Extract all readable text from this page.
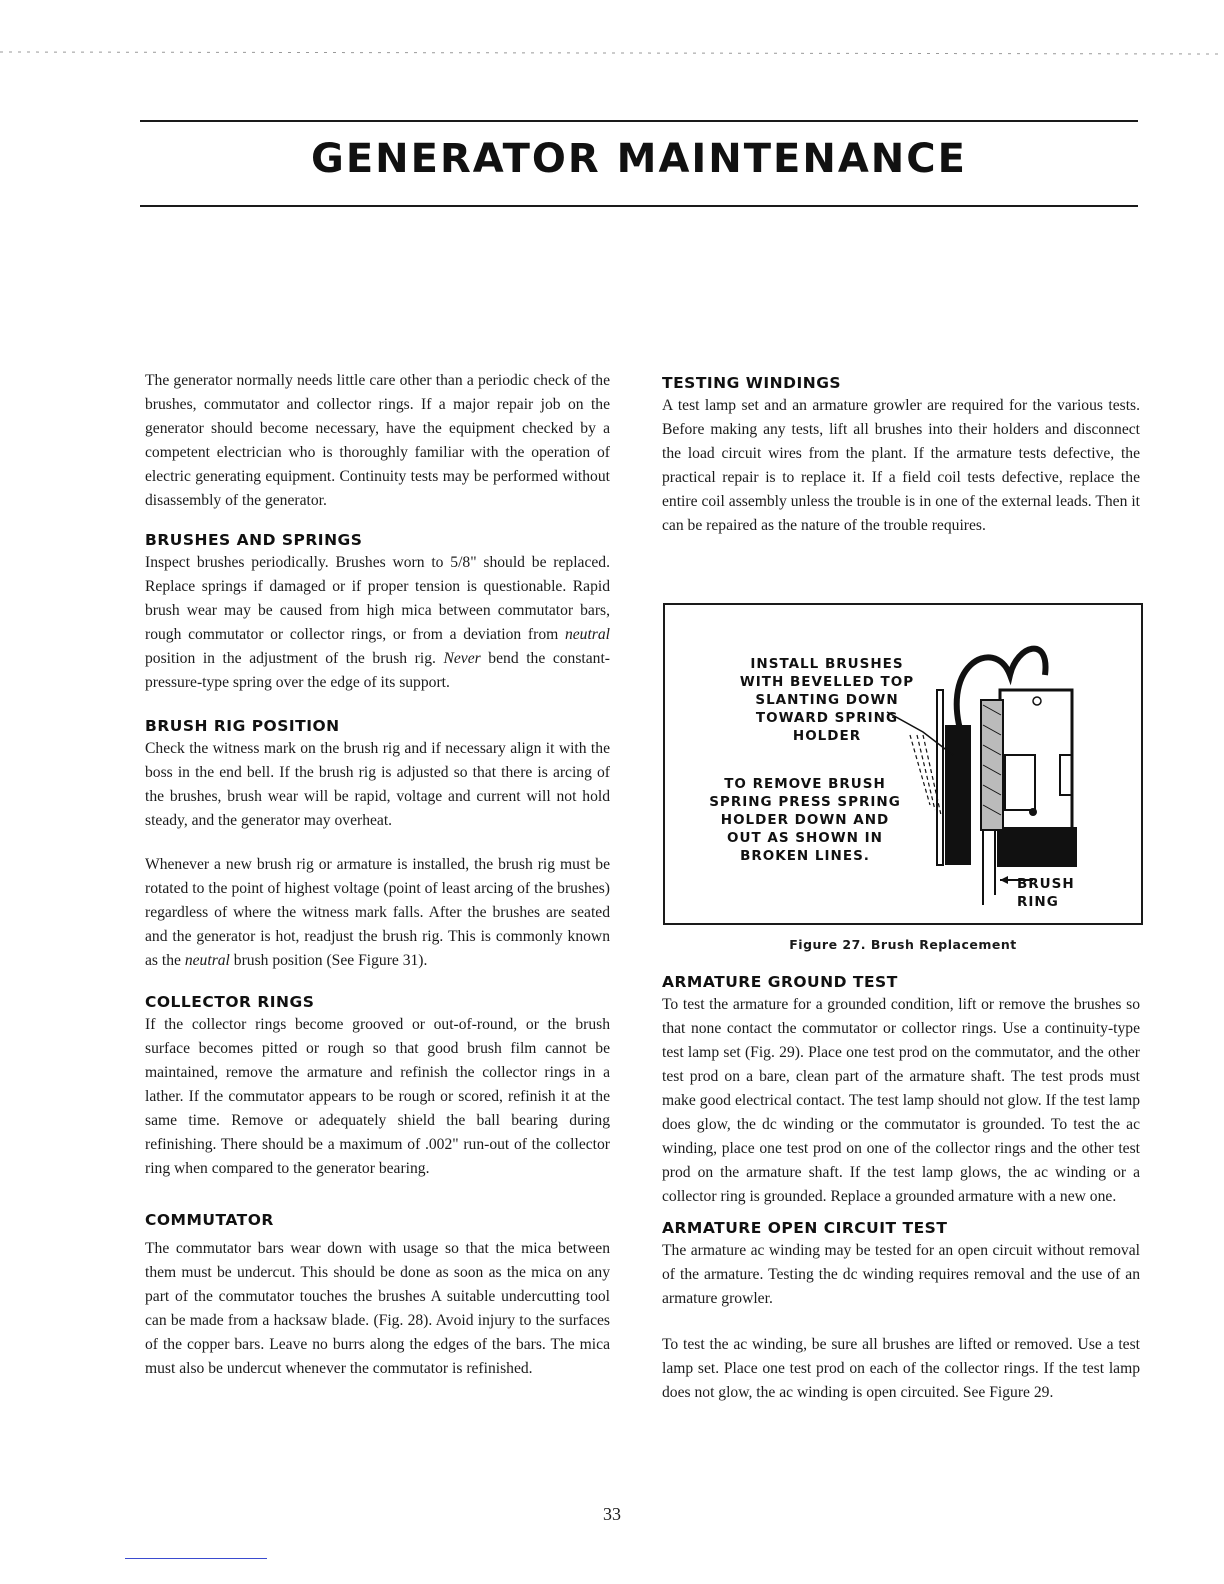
GENERATOR MAINTENANCE

The generator normally needs little care other than a periodic check of the brushes, commutator and collector rings. If a major repair job on the generator should become necessary, have the equipment checked by a competent electrician who is thoroughly familiar with the operation of electric generating equipment. Continuity tests may be performed without disassembly of the generator.

BRUSHES AND SPRINGS

Inspect brushes periodically. Brushes worn to 5/8" should be replaced. Replace springs if damaged or if proper tension is questionable. Rapid brush wear may be caused from high mica between commutator bars, rough commutator or collector rings, or from a deviation from neutral position in the adjustment of the brush rig. Never bend the constant-pressure-type spring over the edge of its support.

BRUSH RIG POSITION

Check the witness mark on the brush rig and if necessary align it with the boss in the end bell. If the brush rig is adjusted so that there is arcing of the brushes, brush wear will be rapid, voltage and current will not hold steady, and the generator may overheat.

Whenever a new brush rig or armature is installed, the brush rig must be rotated to the point of highest voltage (point of least arcing of the brushes) regardless of where the witness mark falls. After the brushes are seated and the generator is hot, readjust the brush rig. This is commonly known as the neutral brush position (See Figure 31).

COLLECTOR RINGS

If the collector rings become grooved or out-of-round, or the brush surface becomes pitted or rough so that good brush film cannot be maintained, remove the armature and refinish the collector rings in a lather. If the commutator appears to be rough or scored, refinish it at the same time. Remove or adequately shield the ball bearing during refinishing. There should be a maximum of .002" run-out of the collector ring when compared to the generator bearing.

COMMUTATOR

The commutator bars wear down with usage so that the mica between them must be undercut. This should be done as soon as the mica on any part of the commutator touches the brushes A suitable undercutting tool can be made from a hacksaw blade. (Fig. 28). Avoid injury to the surfaces of the copper bars. Leave no burrs along the edges of the bars. The mica must also be undercut whenever the commutator is refinished.

TESTING WINDINGS

A test lamp set and an armature growler are required for the various tests. Before making any tests, lift all brushes into their holders and disconnect the load circuit wires from the plant. If the armature tests defective, the practical repair is to replace it. If a field coil tests defective, replace the entire coil assembly unless the trouble is in one of the external leads. Then it can be repaired as the nature of the trouble requires.

INSTALL BRUSHES WITH BEVELLED TOP SLANTING DOWN TOWARD SPRING HOLDER
TO REMOVE BRUSH SPRING PRESS SPRING HOLDER DOWN AND OUT AS SHOWN IN BROKEN LINES.
BRUSH RING
Figure 27. Brush Replacement
ARMATURE GROUND TEST

To test the armature for a grounded condition, lift or remove the brushes so that none contact the commutator or collector rings. Use a continuity-type test lamp set (Fig. 29). Place one test prod on the commutator, and the other test prod on a bare, clean part of the armature shaft. The test prods must make good electrical contact. The test lamp should not glow. If the test lamp does glow, the dc winding or the commutator is grounded. To test the ac winding, place one test prod on one of the collector rings and the other test prod on the armature shaft. If the test lamp glows, the ac winding or a collector ring is grounded. Replace a grounded armature with a new one.

ARMATURE OPEN CIRCUIT TEST

The armature ac winding may be tested for an open circuit without removal of the armature. Testing the dc winding requires removal and the use of an armature growler.

To test the ac winding, be sure all brushes are lifted or removed. Use a test lamp set. Place one test prod on each of the collector rings. If the test lamp does not glow, the ac winding is open circuited. See Figure 29.

33
